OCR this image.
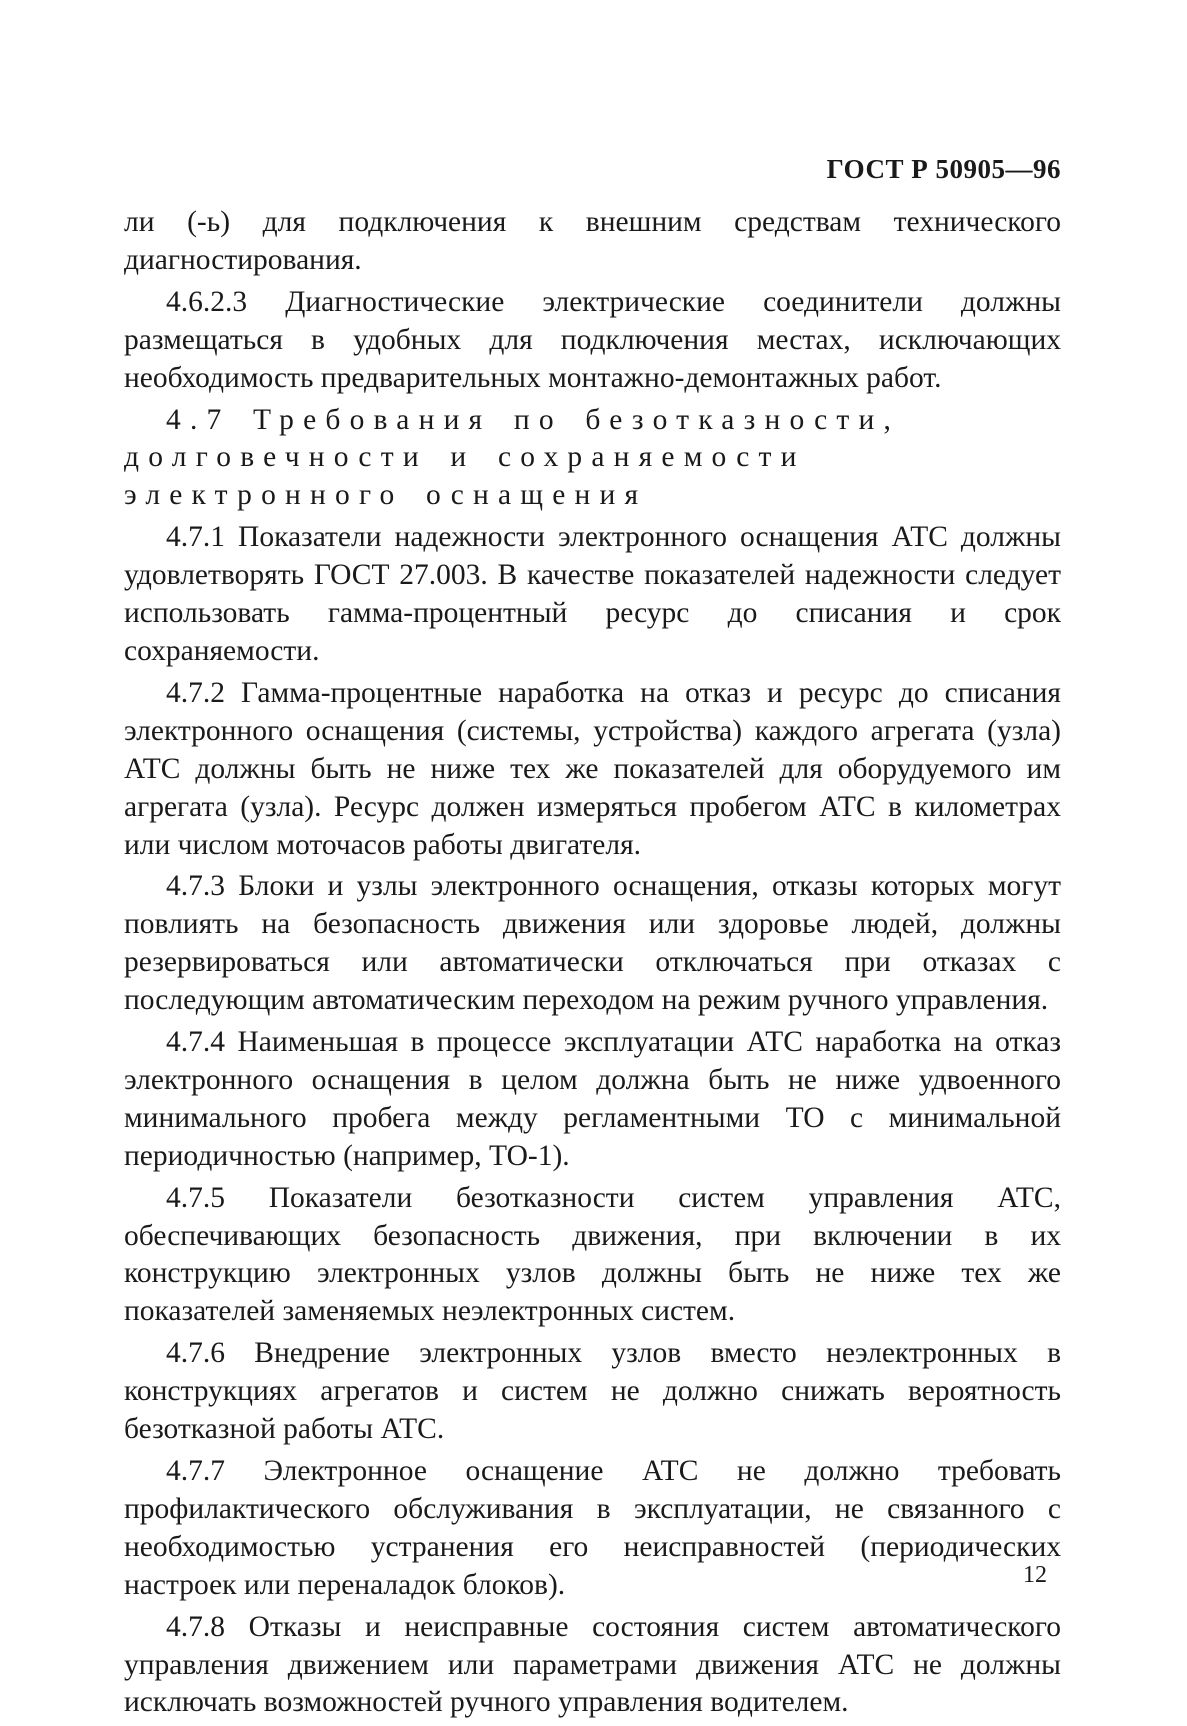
ГОСТ Р 50905—96

ли (-ь) для подключения к внешним средствам технического диагностирования.

4.6.2.3 Диагностические электрические соединители должны размещаться в удобных для подключения местах, исключающих необходимость предварительных монтажно-демонтажных работ.

4.7 Требования по безотказности, долговечности и сохраняемости электронного оснащения

4.7.1 Показатели надежности электронного оснащения АТС должны удовлетворять ГОСТ 27.003. В качестве показателей надежности следует использовать гамма-процентный ресурс до списания и срок сохраняемости.

4.7.2 Гамма-процентные наработка на отказ и ресурс до списания электронного оснащения (системы, устройства) каждого агрегата (узла) АТС должны быть не ниже тех же показателей для оборудуемого им агрегата (узла). Ресурс должен измеряться пробегом АТС в километрах или числом моточасов работы двигателя.

4.7.3 Блоки и узлы электронного оснащения, отказы которых могут повлиять на безопасность движения или здоровье людей, должны резервироваться или автоматически отключаться при отказах с последующим автоматическим переходом на режим ручного управления.

4.7.4 Наименьшая в процессе эксплуатации АТС наработка на отказ электронного оснащения в целом должна быть не ниже удвоенного минимального пробега между регламентными ТО с минимальной периодичностью (например, ТО-1).

4.7.5 Показатели безотказности систем управления АТС, обеспечивающих безопасность движения, при включении в их конструкцию электронных узлов должны быть не ниже тех же показателей заменяемых неэлектронных систем.

4.7.6 Внедрение электронных узлов вместо неэлектронных в конструкциях агрегатов и систем не должно снижать вероятность безотказной работы АТС.

4.7.7 Электронное оснащение АТС не должно требовать профилактического обслуживания в эксплуатации, не связанного с необходимостью устранения его неисправностей (периодических настроек или переналадок блоков).

4.7.8 Отказы и неисправные состояния систем автоматического управления движением или параметрами движения АТС не должны исключать возможностей ручного управления водителем.

12
